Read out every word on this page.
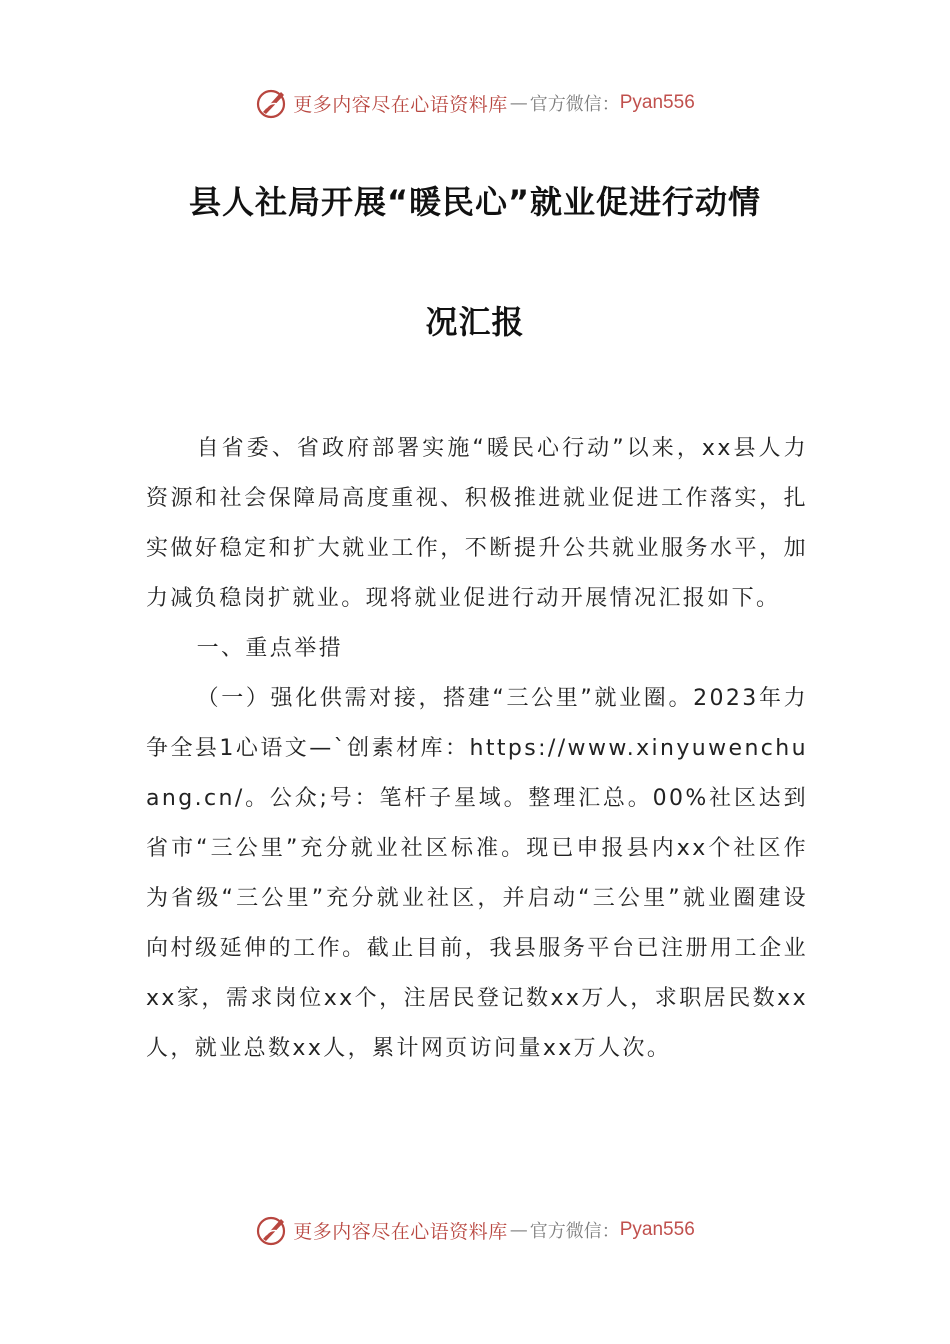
更多内容尽在心语资料库 — 官方微信： Pyan556
县人社局开展“暖民心”就业促进行动情
况汇报

自省委、省政府部署实施“暖民心行动”以来，xx县人力资源和社会保障局高度重视、积极推进就业促进工作落实，扎实做好稳定和扩大就业工作，不断提升公共就业服务水平，加力减负稳岗扩就业。现将就业促进行动开展情况汇报如下。

一、重点举措

（一）强化供需对接，搭建“三公里”就业圈。2023年力争全县1心语文—`创素材库：https://www.xinyuwenchuang.cn/。公众;号：笔杆子星域。整理汇总。00%社区达到省市“三公里”充分就业社区标准。现已申报县内xx个社区作为省级“三公里”充分就业社区，并启动“三公里”就业圈建设向村级延伸的工作。截止目前，我县服务平台已注册用工企业xx家，需求岗位xx个，注居民登记数xx万人，求职居民数xx人，就业总数xx人，累计网页访问量xx万人次。

更多内容尽在心语资料库 — 官方微信： Pyan556
